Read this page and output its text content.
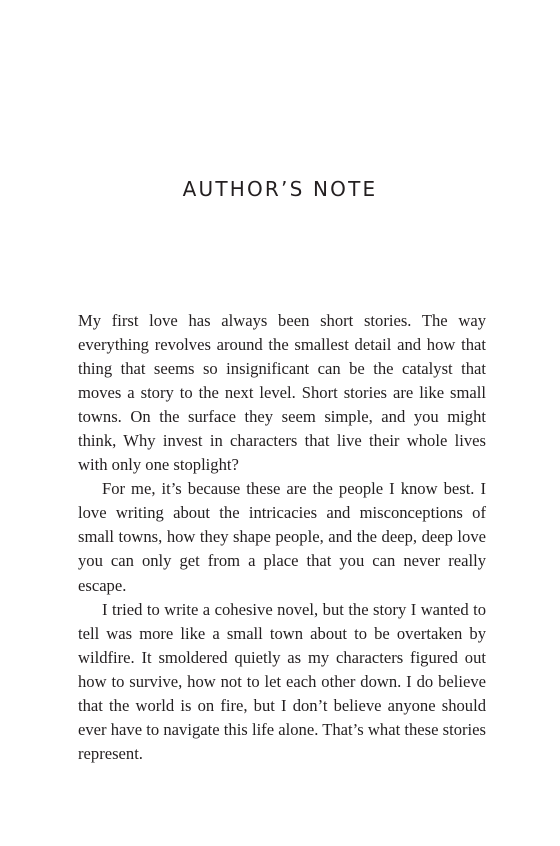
AUTHOR’S NOTE

My first love has always been short stories. The way everything revolves around the smallest detail and how that thing that seems so insignificant can be the catalyst that moves a story to the next level. Short stories are like small towns. On the surface they seem simple, and you might think, Why invest in characters that live their whole lives with only one stoplight?

For me, it’s because these are the people I know best. I love writing about the intricacies and misconceptions of small towns, how they shape people, and the deep, deep love you can only get from a place that you can never really escape.

I tried to write a cohesive novel, but the story I wanted to tell was more like a small town about to be overtaken by wildfire. It smoldered quietly as my characters figured out how to survive, how not to let each other down. I do believe that the world is on fire, but I don’t believe anyone should ever have to navigate this life alone. That’s what these stories represent.
